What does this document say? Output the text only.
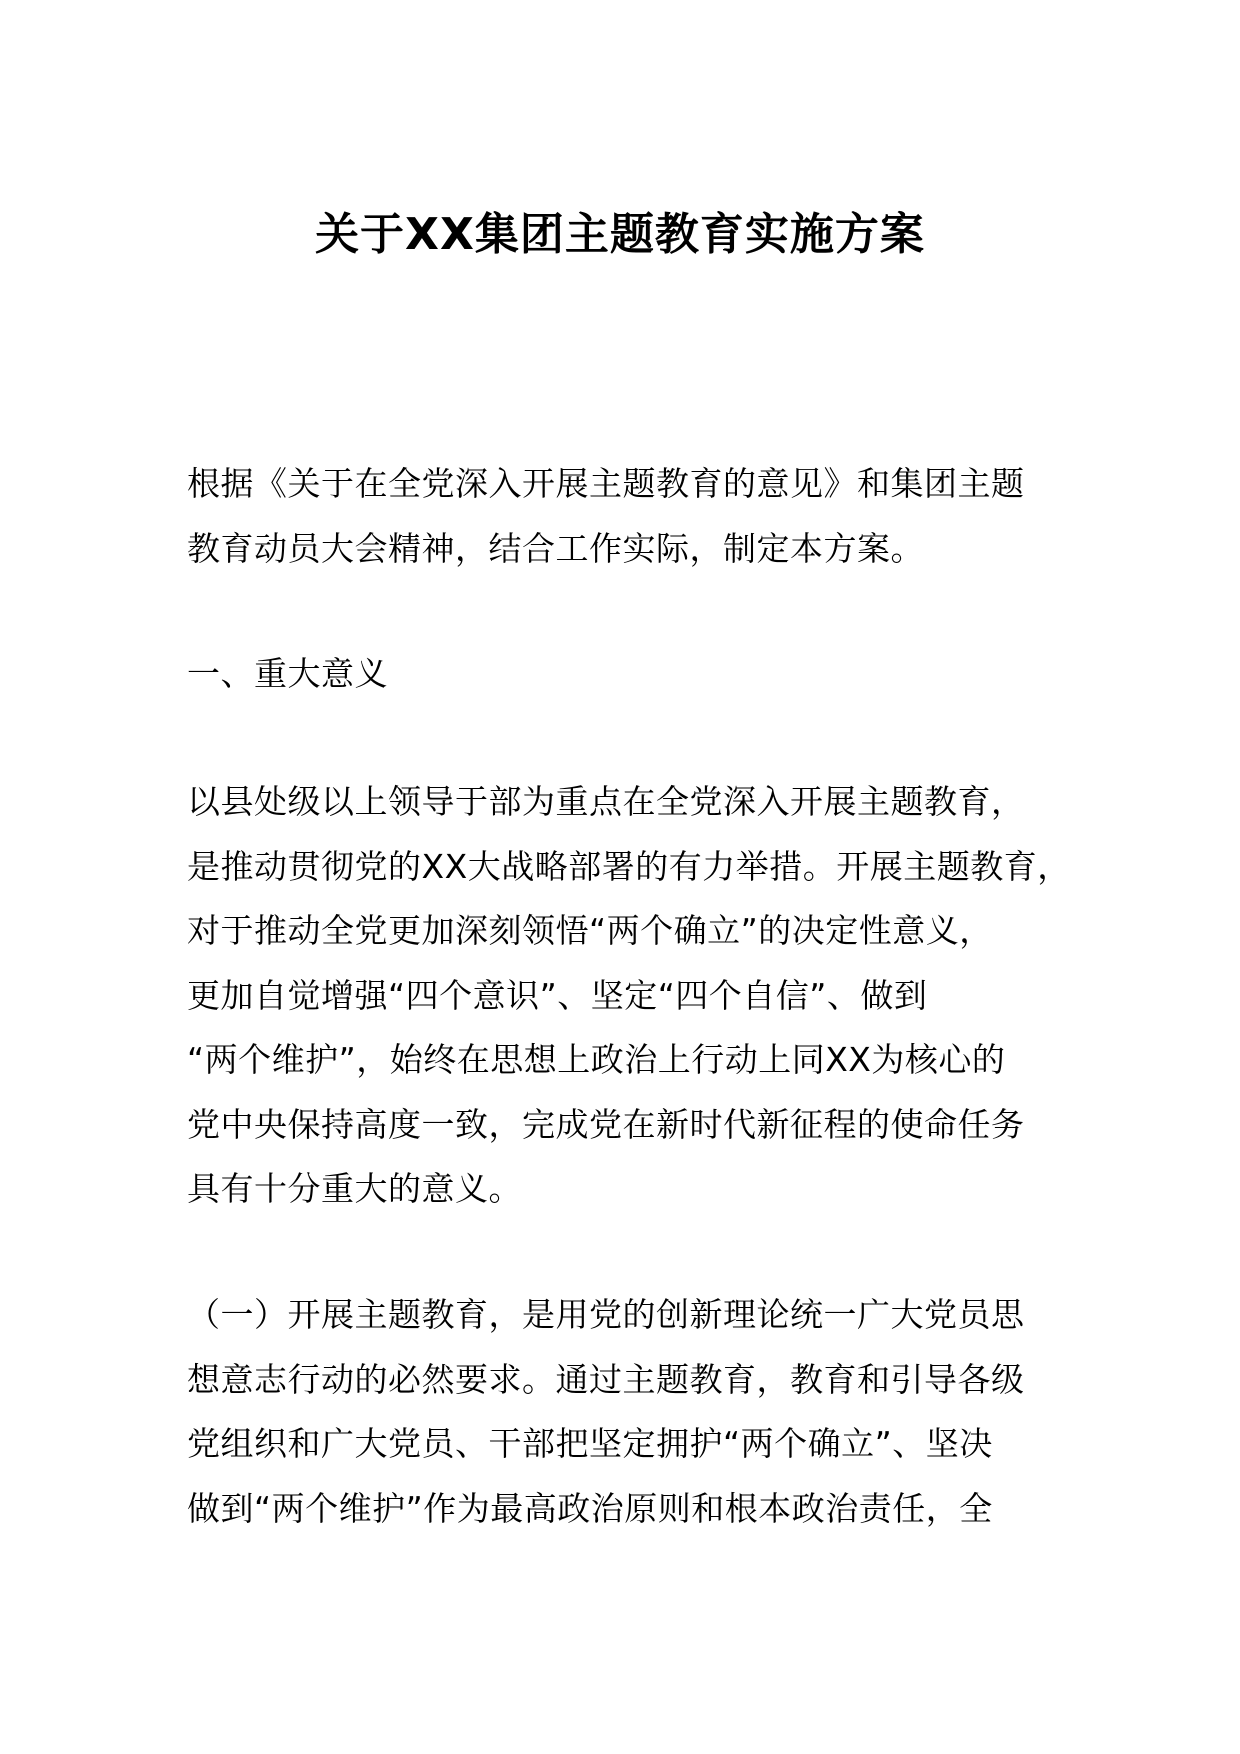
关于XX集团主题教育实施方案
根据《关于在全党深入开展主题教育的意见》和集团主题
教育动员大会精神，结合工作实际，制定本方案。
一、重大意义
以县处级以上领导于部为重点在全党深入开展主题教育，
是推动贯彻党的XX大战略部署的有力举措。开展主题教育，
对于推动全党更加深刻领悟“两个确立”的决定性意义，
更加自觉增强“四个意识”、坚定“四个自信”、做到
“两个维护”，始终在思想上政治上行动上同XX为核心的
党中央保持高度一致，完成党在新时代新征程的使命任务
具有十分重大的意义。
（一）开展主题教育，是用党的创新理论统一广大党员思
想意志行动的必然要求。通过主题教育，教育和引导各级
党组织和广大党员、干部把坚定拥护“两个确立”、坚决
做到“两个维护”作为最高政治原则和根本政治责任，全
